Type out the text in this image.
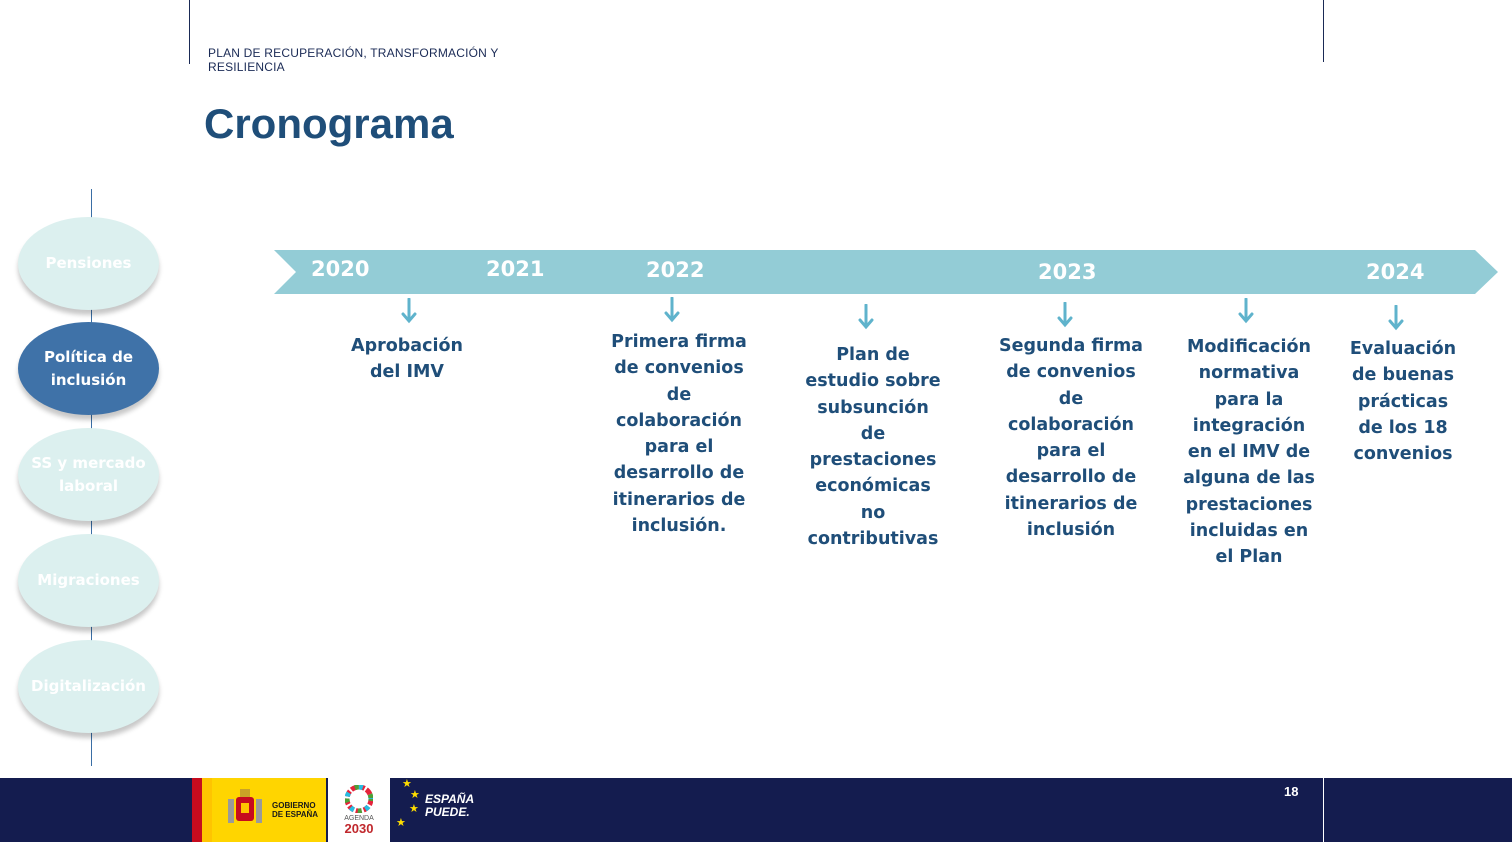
PLAN DE RECUPERACIÓN, TRANSFORMACIÓN Y RESILIENCIA
Cronograma
Pensiones
Política de inclusión
SS y mercado laboral
Migraciones
Digitalización
2020	2021	2022	2023	2024
Aprobación del IMV
Primera firma de convenios de colaboración para el desarrollo de itinerarios de inclusión.
Plan de estudio sobre subsunción de prestaciones económicas no contributivas
Segunda firma de convenios de colaboración para el desarrollo de itinerarios de inclusión
Modificación normativa para la integración en el IMV de alguna de las prestaciones incluidas en el Plan
Evaluación de buenas prácticas de los 18 convenios
GOBIERNO DE ESPAÑA	AGENDA
2030
★
★
★
★
ESPAÑA
PUEDE.
18
